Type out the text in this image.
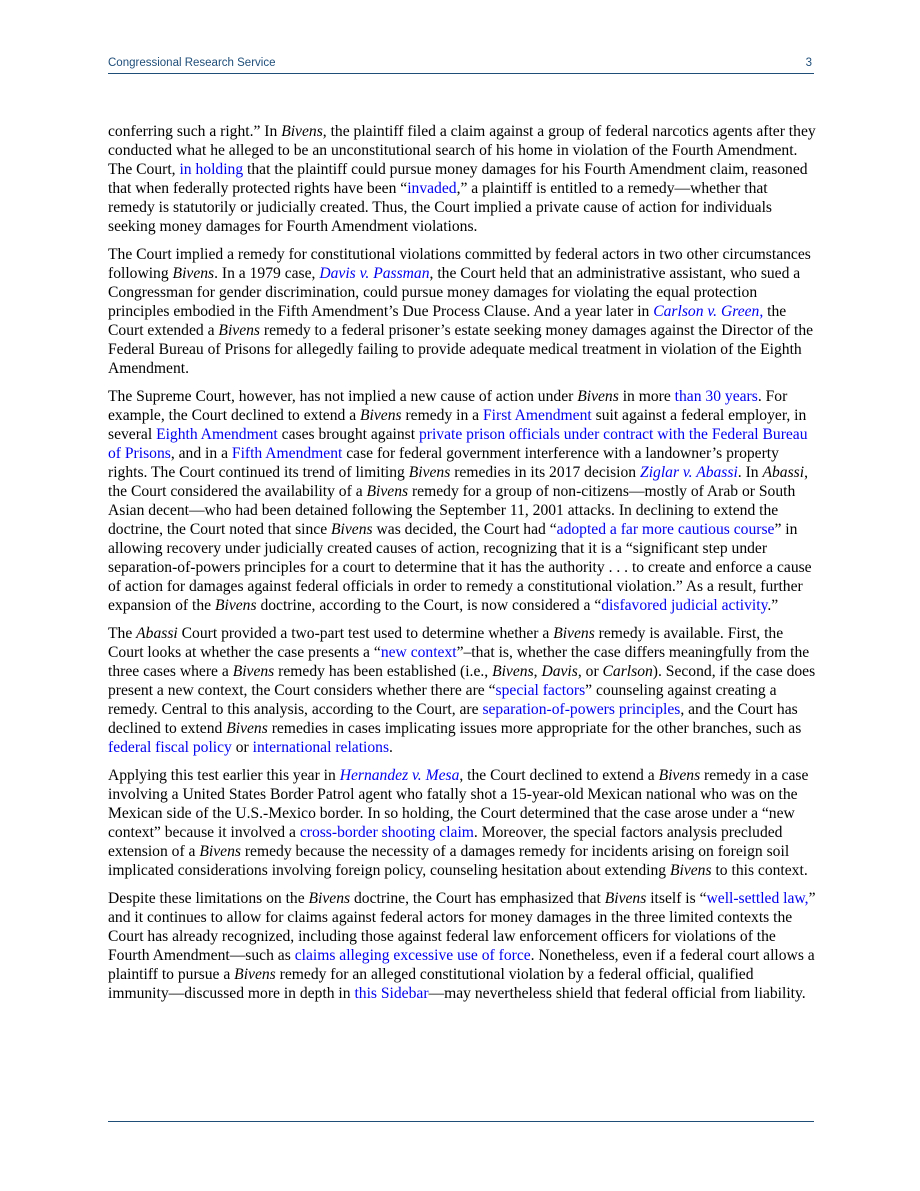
Congressional Research Service	3

conferring such a right.” In Bivens, the plaintiff filed a claim against a group of federal narcotics agents after they conducted what he alleged to be an unconstitutional search of his home in violation of the Fourth Amendment. The Court, in holding that the plaintiff could pursue money damages for his Fourth Amendment claim, reasoned that when federally protected rights have been “invaded,” a plaintiff is entitled to a remedy—whether that remedy is statutorily or judicially created. Thus, the Court implied a private cause of action for individuals seeking money damages for Fourth Amendment violations.

The Court implied a remedy for constitutional violations committed by federal actors in two other circumstances following Bivens. In a 1979 case, Davis v. Passman, the Court held that an administrative assistant, who sued a Congressman for gender discrimination, could pursue money damages for violating the equal protection principles embodied in the Fifth Amendment’s Due Process Clause. And a year later in Carlson v. Green, the Court extended a Bivens remedy to a federal prisoner’s estate seeking money damages against the Director of the Federal Bureau of Prisons for allegedly failing to provide adequate medical treatment in violation of the Eighth Amendment.

The Supreme Court, however, has not implied a new cause of action under Bivens in more than 30 years. For example, the Court declined to extend a Bivens remedy in a First Amendment suit against a federal employer, in several Eighth Amendment cases brought against private prison officials under contract with the Federal Bureau of Prisons, and in a Fifth Amendment case for federal government interference with a landowner’s property rights. The Court continued its trend of limiting Bivens remedies in its 2017 decision Ziglar v. Abassi. In Abassi, the Court considered the availability of a Bivens remedy for a group of non-citizens—mostly of Arab or South Asian decent—who had been detained following the September 11, 2001 attacks. In declining to extend the doctrine, the Court noted that since Bivens was decided, the Court had “adopted a far more cautious course” in allowing recovery under judicially created causes of action, recognizing that it is a “significant step under separation-of-powers principles for a court to determine that it has the authority . . . to create and enforce a cause of action for damages against federal officials in order to remedy a constitutional violation.” As a result, further expansion of the Bivens doctrine, according to the Court, is now considered a “disfavored judicial activity.”

The Abassi Court provided a two-part test used to determine whether a Bivens remedy is available. First, the Court looks at whether the case presents a “new context”–that is, whether the case differs meaningfully from the three cases where a Bivens remedy has been established (i.e., Bivens, Davis, or Carlson). Second, if the case does present a new context, the Court considers whether there are “special factors” counseling against creating a remedy. Central to this analysis, according to the Court, are separation-of-powers principles, and the Court has declined to extend Bivens remedies in cases implicating issues more appropriate for the other branches, such as federal fiscal policy or international relations.

Applying this test earlier this year in Hernandez v. Mesa, the Court declined to extend a Bivens remedy in a case involving a United States Border Patrol agent who fatally shot a 15-year-old Mexican national who was on the Mexican side of the U.S.-Mexico border. In so holding, the Court determined that the case arose under a “new context” because it involved a cross-border shooting claim. Moreover, the special factors analysis precluded extension of a Bivens remedy because the necessity of a damages remedy for incidents arising on foreign soil implicated considerations involving foreign policy, counseling hesitation about extending Bivens to this context.

Despite these limitations on the Bivens doctrine, the Court has emphasized that Bivens itself is “well-settled law,” and it continues to allow for claims against federal actors for money damages in the three limited contexts the Court has already recognized, including those against federal law enforcement officers for violations of the Fourth Amendment—such as claims alleging excessive use of force. Nonetheless, even if a federal court allows a plaintiff to pursue a Bivens remedy for an alleged constitutional violation by a federal official, qualified immunity—discussed more in depth in this Sidebar—may nevertheless shield that federal official from liability.
